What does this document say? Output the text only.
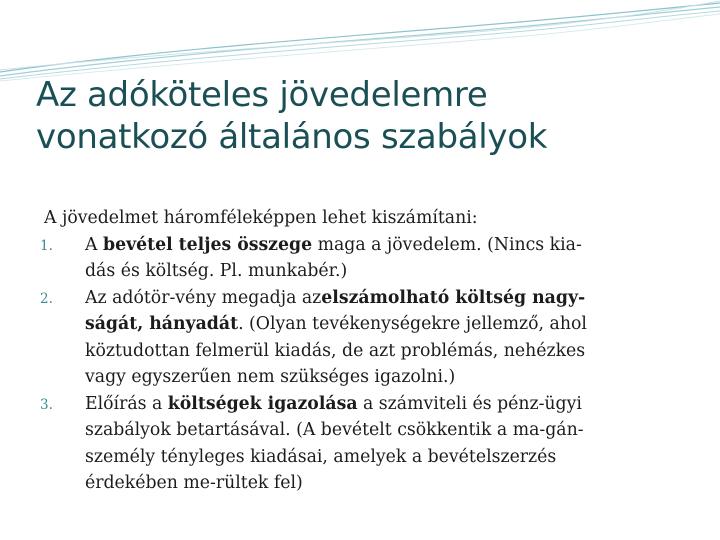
Az adóköteles jövedelemre
vonatkozó általános szabályok

A jövedelmet háromféleképpen lehet kiszámítani:

1. A bevétel teljes összege maga a jövedelem. (Nincs kia-
dás és költség. Pl. munkabér.)
2. Az adótör-vény megadja azelszámolható költség nagy-
ságát, hányadát. (Olyan tevékenységekre jellemző, ahol
köztudottan felmerül kiadás, de azt problémás, nehézkes
vagy egyszerűen nem szükséges igazolni.)
3. Előírás a költségek igazolása a számviteli és pénz-ügyi
szabályok betartásával. (A bevételt csökkentik a ma-gán-
személy tényleges kiadásai, amelyek a bevételszerzés
érdekében me-rültek fel)
